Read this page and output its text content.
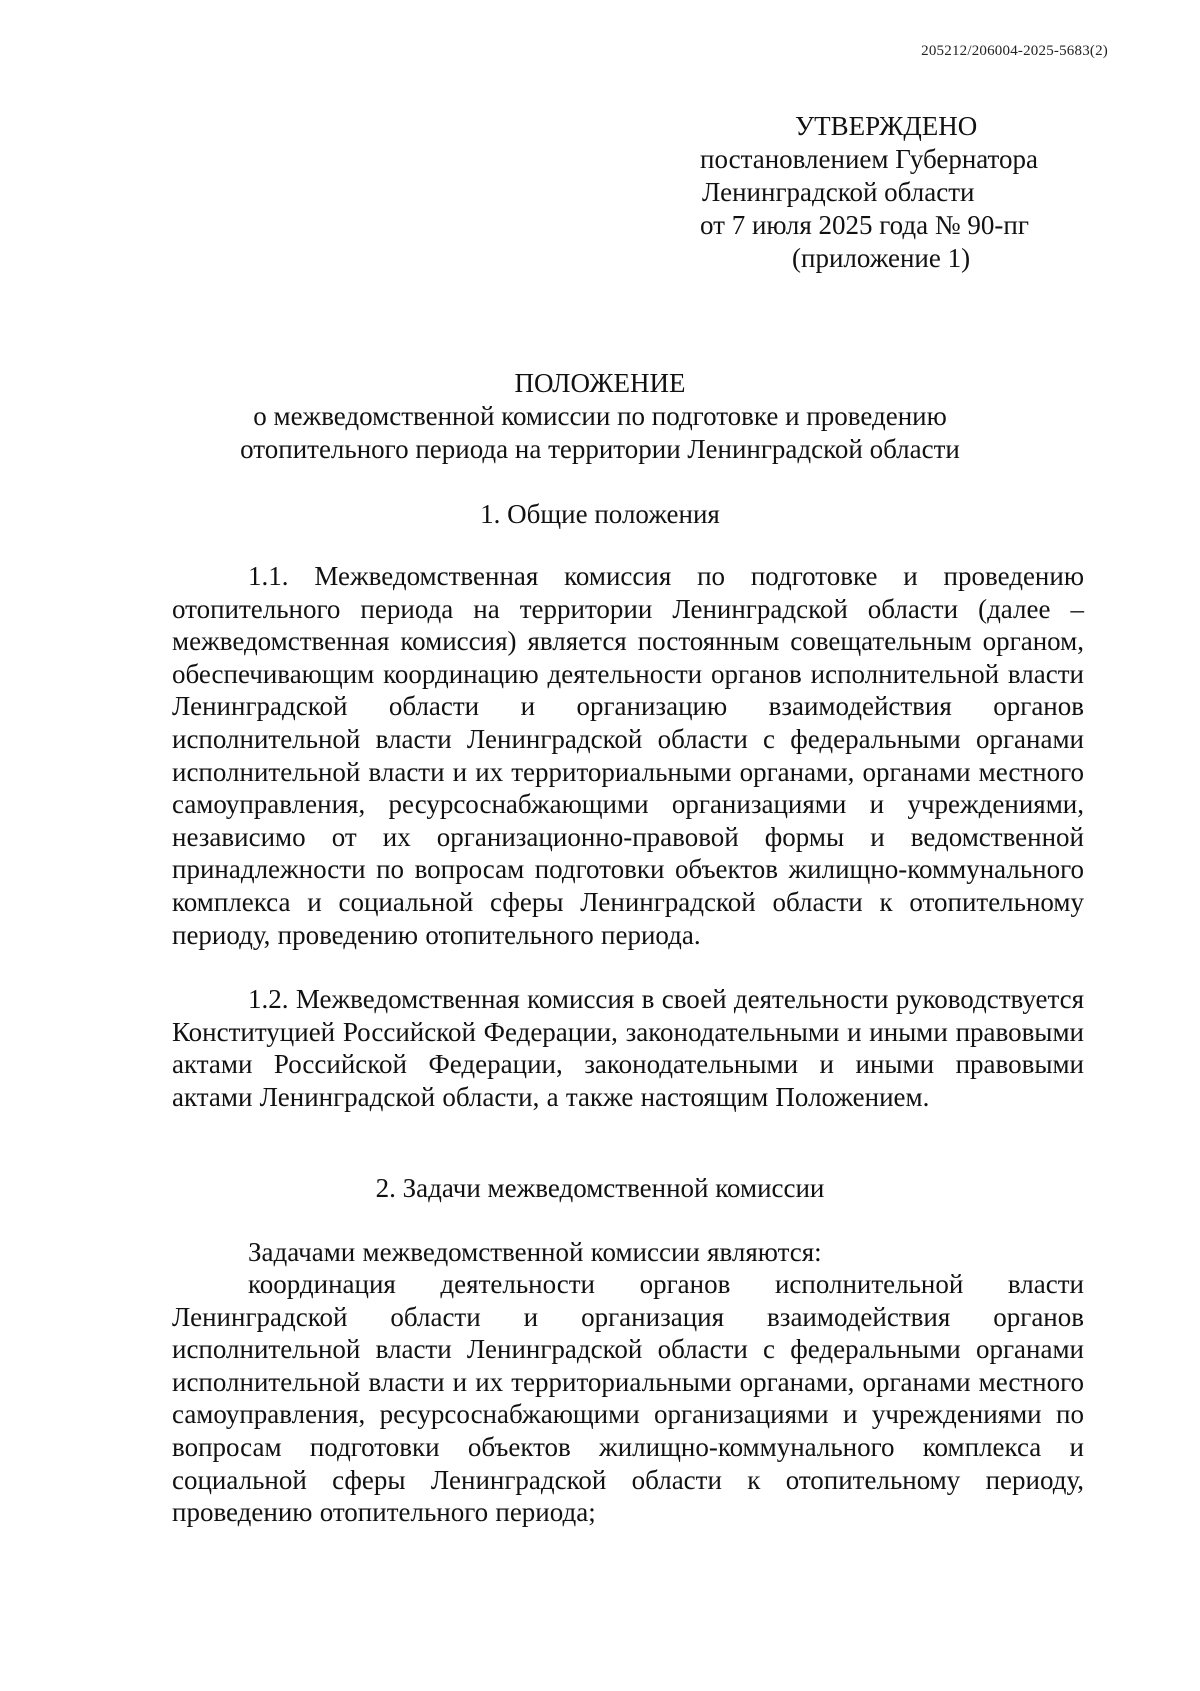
205212/206004-2025-5683(2)
УТВЕРЖДЕНО
постановлением Губернатора
Ленинградской области
от 7 июля 2025 года № 90-пг
(приложение 1)
ПОЛОЖЕНИЕ
о межведомственной комиссии по подготовке и проведению
отопительного периода на территории Ленинградской области
1. Общие положения

1.1. Межведомственная комиссия по подготовке и проведению отопительного периода на территории Ленинградской области (далее – межведомственная комиссия) является постоянным совещательным органом, обеспечивающим координацию деятельности органов исполнительной власти Ленинградской области и организацию взаимодействия органов исполнительной власти Ленинградской области с федеральными органами исполнительной власти и их территориальными органами, органами местного самоуправления, ресурсоснабжающими организациями и учреждениями, независимо от их организационно-правовой формы и ведомственной принадлежности по вопросам подготовки объектов жилищно-коммунального комплекса и социальной сферы Ленинградской области к отопительному периоду, проведению отопительного периода.

1.2. Межведомственная комиссия в своей деятельности руководствуется Конституцией Российской Федерации, законодательными и иными правовыми актами Российской Федерации, законодательными и иными правовыми актами Ленинградской области, а также настоящим Положением.

2. Задачи межведомственной комиссии

Задачами межведомственной комиссии являются:

координация деятельности органов исполнительной власти Ленинградской области и организация взаимодействия органов исполнительной власти Ленинградской области с федеральными органами исполнительной власти и их территориальными органами, органами местного самоуправления, ресурсоснабжающими организациями и учреждениями по вопросам подготовки объектов жилищно-коммунального комплекса и социальной сферы Ленинградской области к отопительному периоду, проведению отопительного периода;
